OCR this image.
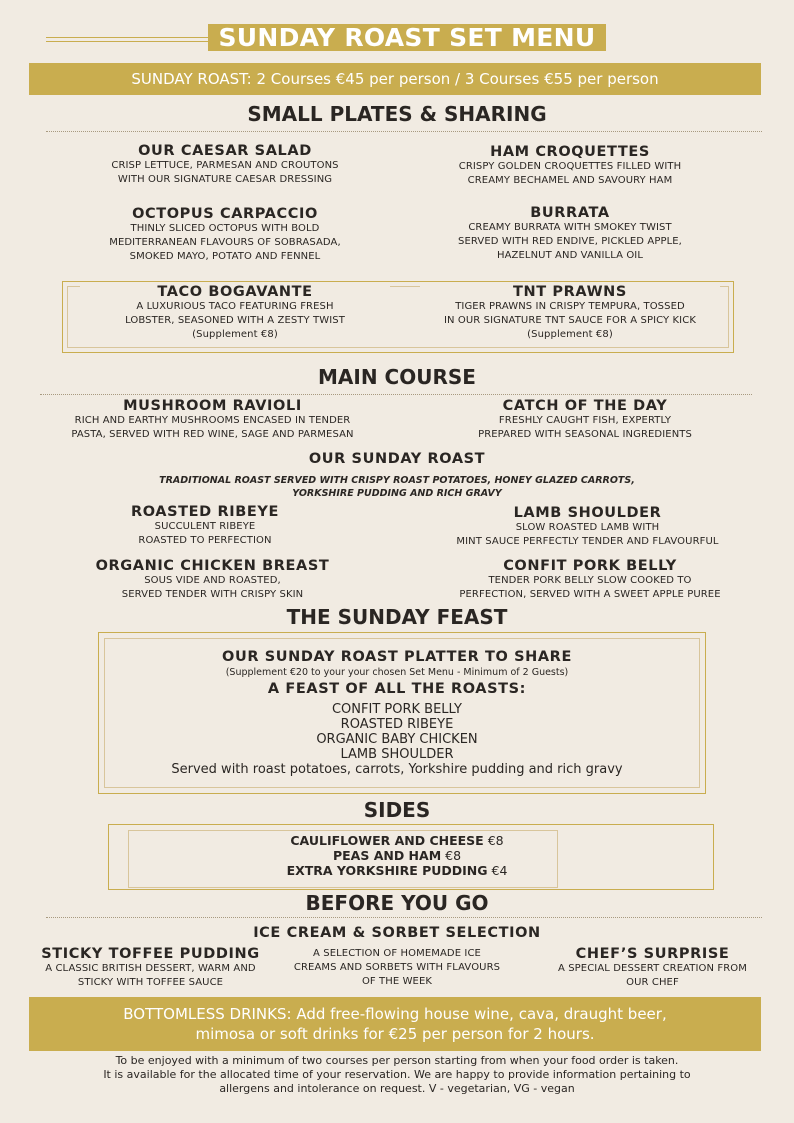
SUNDAY ROAST SET MENU
SUNDAY ROAST: 2 Courses €45 per person / 3 Courses €55 per person
SMALL PLATES & SHARING
OUR CAESAR SALAD
CRISP LETTUCE, PARMESAN AND CROUTONS
WITH OUR SIGNATURE CAESAR DRESSING
HAM CROQUETTES
CRISPY GOLDEN CROQUETTES FILLED WITH
CREAMY BECHAMEL AND SAVOURY HAM
OCTOPUS CARPACCIO
THINLY SLICED OCTOPUS WITH BOLD
MEDITERRANEAN FLAVOURS OF SOBRASADA,
SMOKED MAYO, POTATO AND FENNEL
BURRATA
CREAMY BURRATA WITH SMOKEY TWIST
SERVED WITH RED ENDIVE, PICKLED APPLE,
HAZELNUT AND VANILLA OIL
TACO BOGAVANTE
A LUXURIOUS TACO FEATURING FRESH
LOBSTER, SEASONED WITH A ZESTY TWIST
(Supplement €8)
TNT PRAWNS
TIGER PRAWNS IN CRISPY TEMPURA, TOSSED
IN OUR SIGNATURE TNT SAUCE FOR A SPICY KICK
(Supplement €8)
MAIN COURSE
MUSHROOM RAVIOLI
RICH AND EARTHY MUSHROOMS ENCASED IN TENDER
PASTA, SERVED WITH RED WINE, SAGE AND PARMESAN
CATCH OF THE DAY
FRESHLY CAUGHT FISH, EXPERTLY
PREPARED WITH SEASONAL INGREDIENTS
OUR SUNDAY ROAST
TRADITIONAL ROAST SERVED WITH CRISPY ROAST POTATOES, HONEY GLAZED CARROTS,
YORKSHIRE PUDDING AND RICH GRAVY
ROASTED RIBEYE
SUCCULENT RIBEYE
ROASTED TO PERFECTION
LAMB SHOULDER
SLOW ROASTED LAMB WITH
MINT SAUCE PERFECTLY TENDER AND FLAVOURFUL
ORGANIC CHICKEN BREAST
SOUS VIDE AND ROASTED,
SERVED TENDER WITH CRISPY SKIN
CONFIT PORK BELLY
TENDER PORK BELLY SLOW COOKED TO
PERFECTION, SERVED WITH A SWEET APPLE PUREE
THE SUNDAY FEAST
OUR SUNDAY ROAST PLATTER TO SHARE
(Supplement €20 to your your chosen Set Menu - Minimum of 2 Guests)
A FEAST OF ALL THE ROASTS:
CONFIT PORK BELLY
ROASTED RIBEYE
ORGANIC BABY CHICKEN
LAMB SHOULDER
Served with roast potatoes, carrots, Yorkshire pudding and rich gravy
SIDES
CAULIFLOWER AND CHEESE €8
PEAS AND HAM €8
EXTRA YORKSHIRE PUDDING €4
BEFORE YOU GO
ICE CREAM & SORBET SELECTION
STICKY TOFFEE PUDDING
A CLASSIC BRITISH DESSERT, WARM AND
STICKY WITH TOFFEE SAUCE
A SELECTION OF HOMEMADE ICE
CREAMS AND SORBETS WITH FLAVOURS
OF THE WEEK
CHEF’S SURPRISE
A SPECIAL DESSERT CREATION FROM
OUR CHEF
BOTTOMLESS DRINKS: Add free-flowing house wine, cava, draught beer,
mimosa or soft drinks for €25 per person for 2 hours.
To be enjoyed with a minimum of two courses per person starting from when your food order is taken.
It is available for the allocated time of your reservation. We are happy to provide information pertaining to
allergens and intolerance on request. V - vegetarian, VG - vegan
